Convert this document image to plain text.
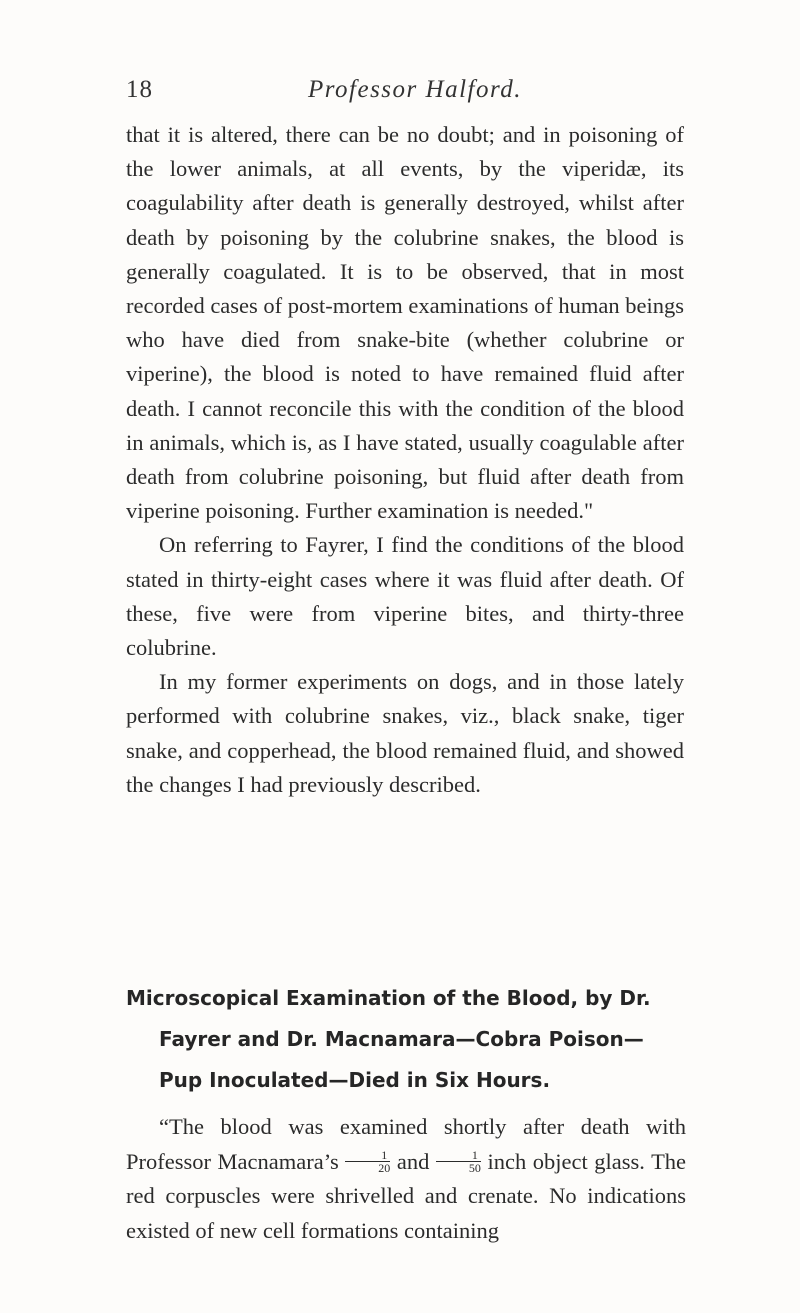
18	Professor Halford.

that it is altered, there can be no doubt; and in poisoning of the lower animals, at all events, by the viperidæ, its coagulability after death is generally destroyed, whilst after death by poisoning by the colubrine snakes, the blood is generally coagulated. It is to be observed, that in most recorded cases of post-mortem examinations of human beings who have died from snake-bite (whether colubrine or viperine), the blood is noted to have remained fluid after death. I cannot reconcile this with the condition of the blood in animals, which is, as I have stated, usually coagulable after death from colubrine poisoning, but fluid after death from viperine poisoning. Further examination is needed."

On referring to Fayrer, I find the conditions of the blood stated in thirty-eight cases where it was fluid after death. Of these, five were from viperine bites, and thirty-three colubrine.

In my former experiments on dogs, and in those lately performed with colubrine snakes, viz., black snake, tiger snake, and copperhead, the blood remained fluid, and showed the changes I had previously described.

Microscopical Examination of the Blood, by Dr.
Fayrer and Dr. Macnamara—Cobra Poison—
Pup Inoculated—Died in Six Hours.

“The blood was examined shortly after death with Professor Macnamara’s $\frac{1}{20}$ and $\frac{1}{50}$ inch object glass. The red corpuscles were shrivelled and crenate. No indications existed of new cell formations containing
